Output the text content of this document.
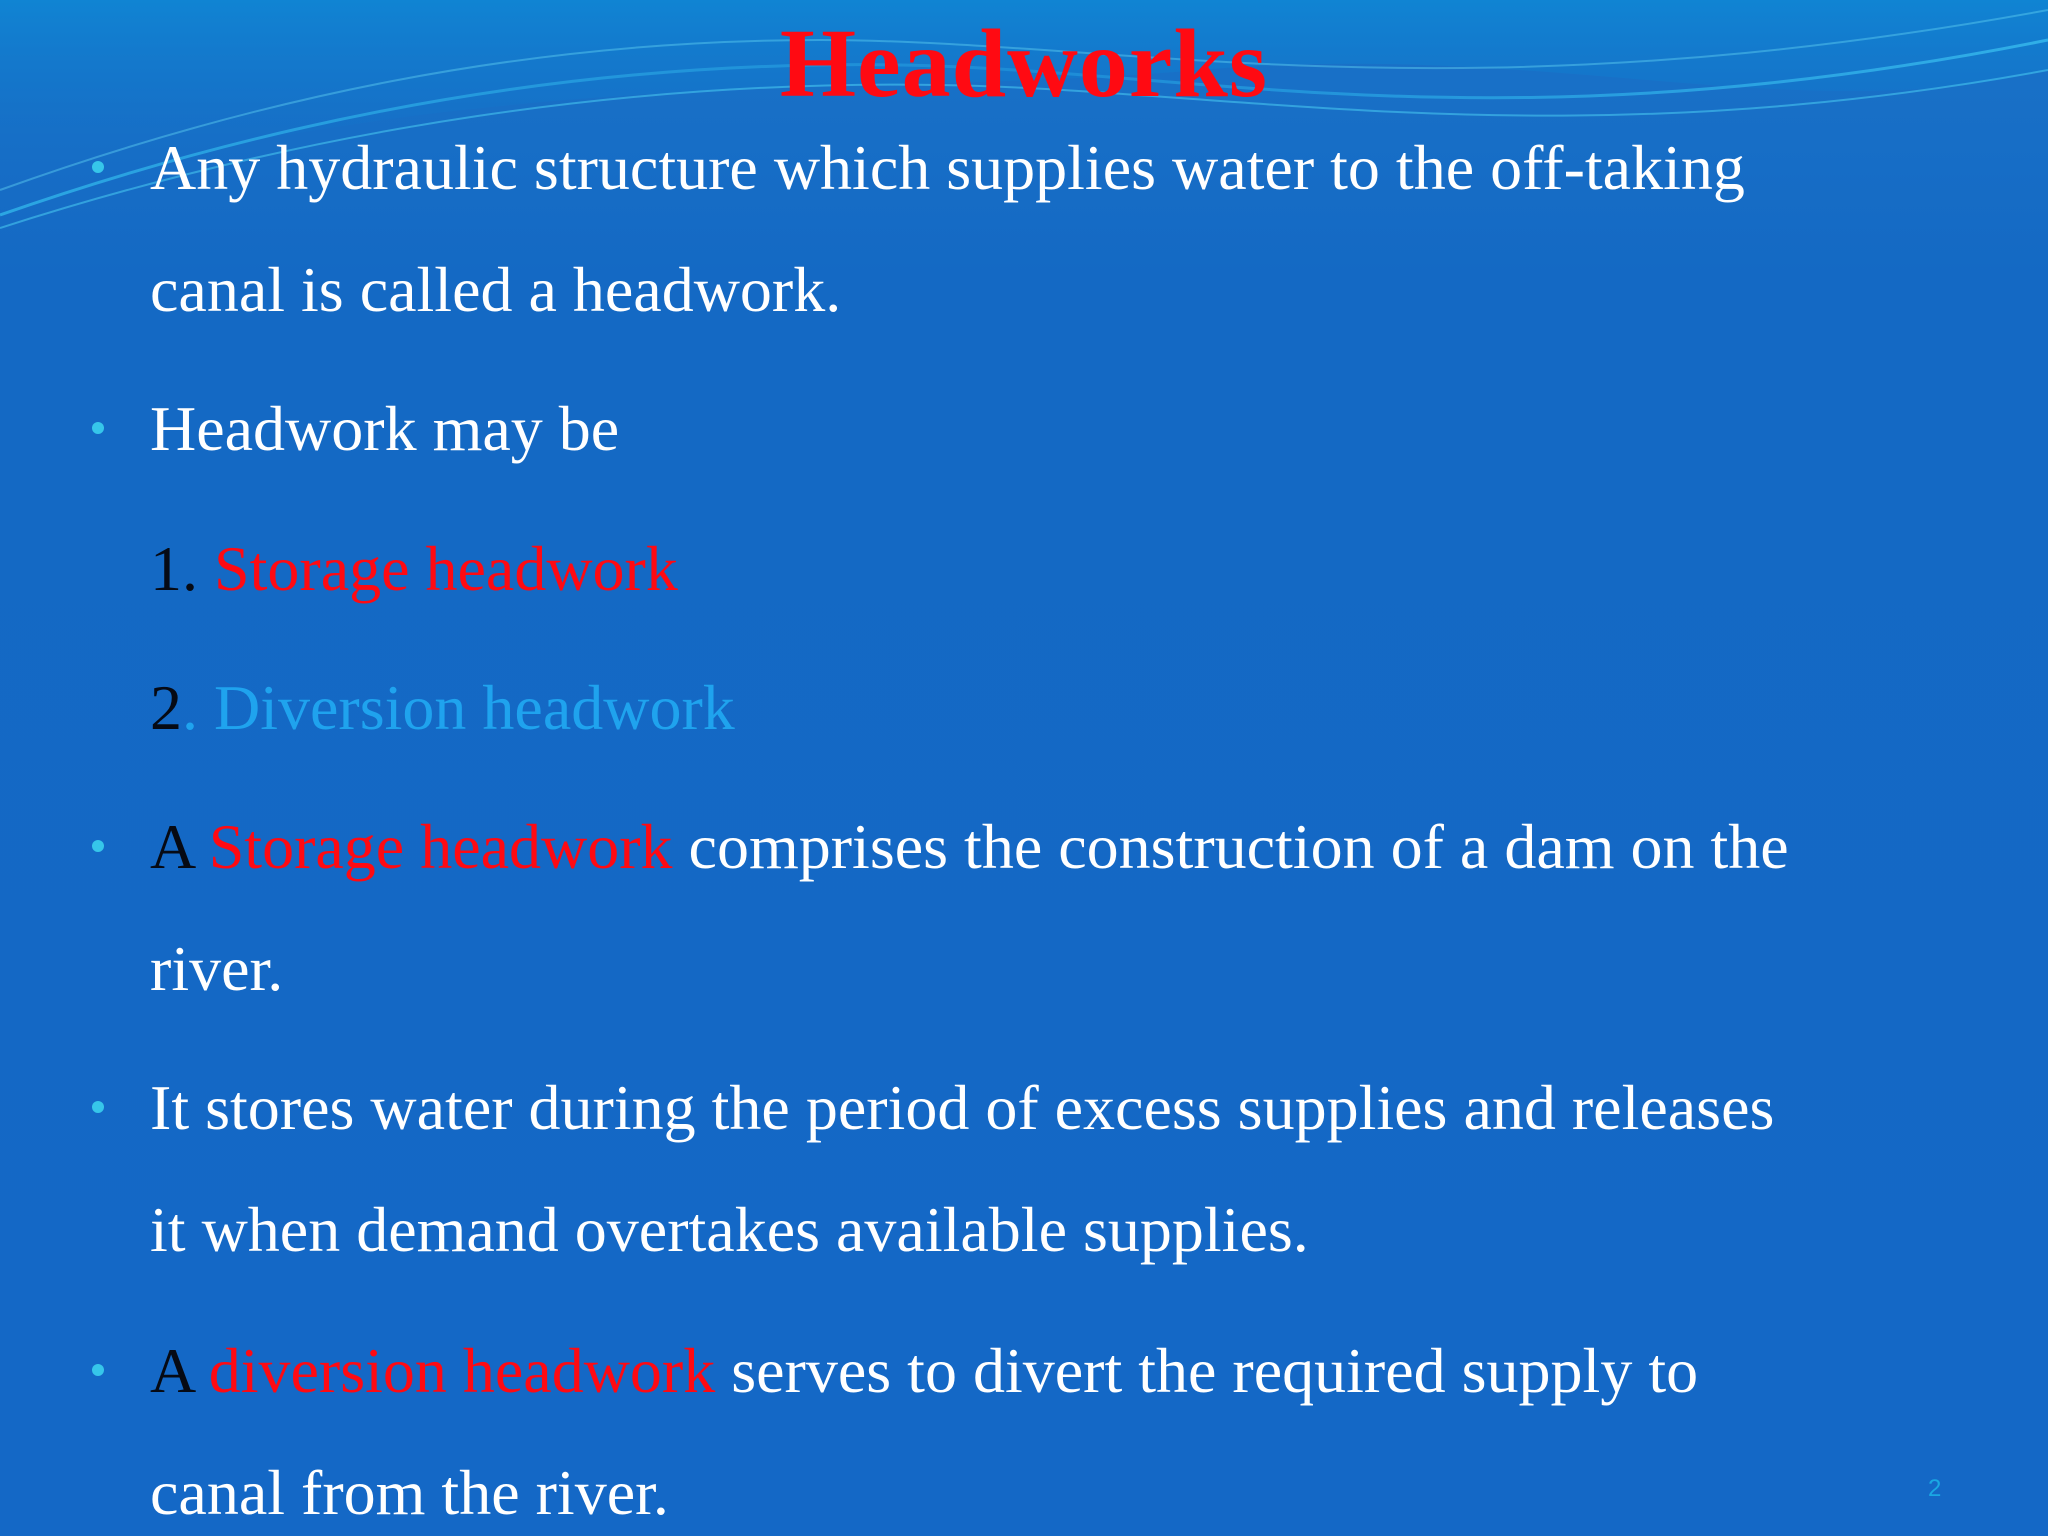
Headworks
Any hydraulic structure which supplies water to the off-taking
canal is called a headwork.
Headwork may be
1. Storage headwork
2. Diversion headwork
A Storage headwork comprises the construction of a dam on the
river.
It stores water during the period of excess supplies and releases
it when demand overtakes available supplies.
A diversion headwork serves to divert the required supply to
canal from the river.	2
